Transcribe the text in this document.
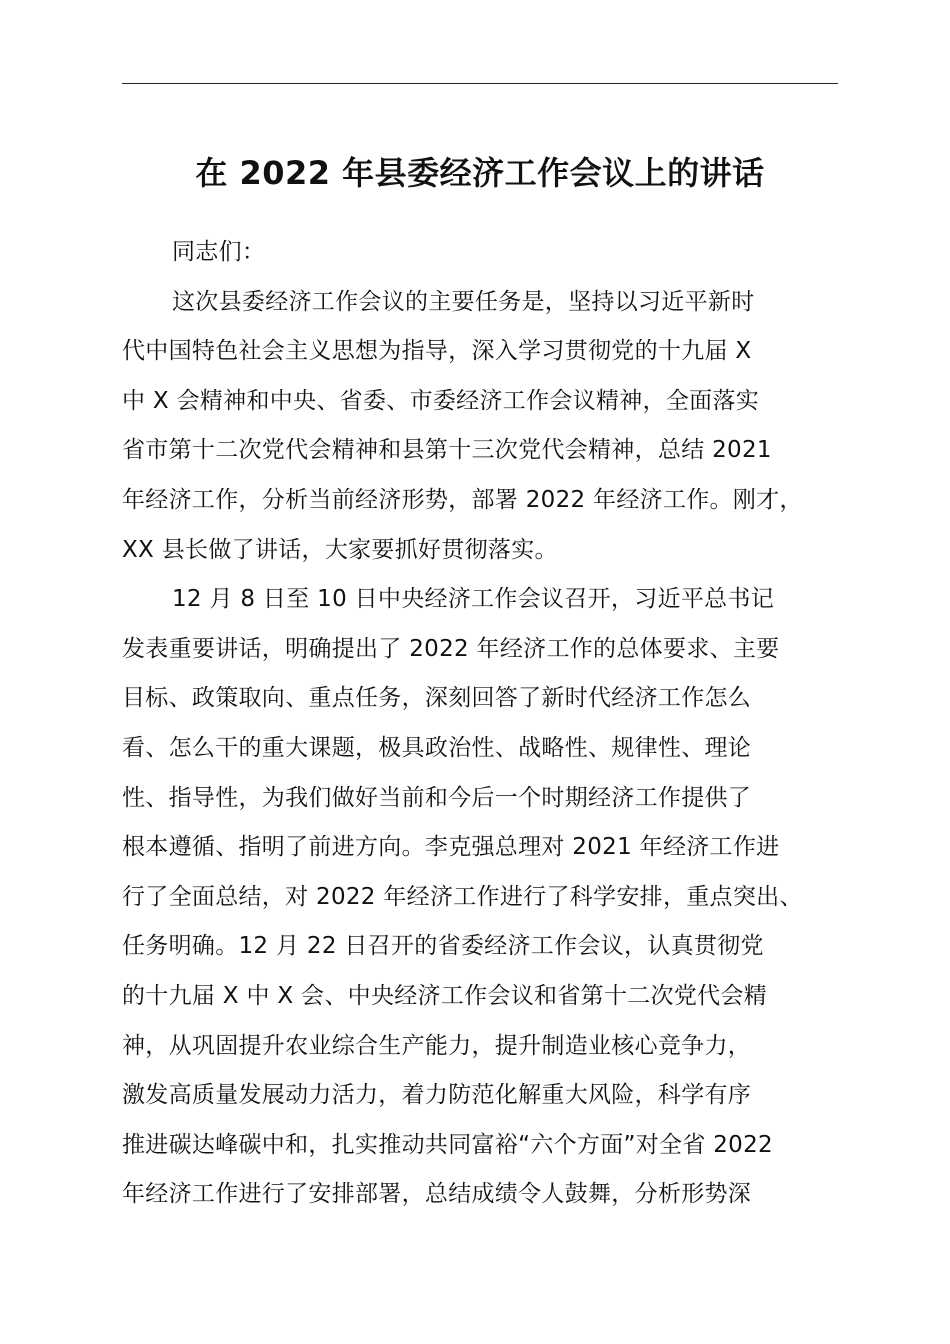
在 2022 年县委经济工作会议上的讲话
同志们：
这次县委经济工作会议的主要任务是，坚持以习近平新时
代中国特色社会主义思想为指导，深入学习贯彻党的十九届 X
中 X 会精神和中央、省委、市委经济工作会议精神，全面落实
省市第十二次党代会精神和县第十三次党代会精神，总结 2021
年经济工作，分析当前经济形势，部署 2022 年经济工作。刚才，
XX 县长做了讲话，大家要抓好贯彻落实。
12 月 8 日至 10 日中央经济工作会议召开，习近平总书记
发表重要讲话，明确提出了 2022 年经济工作的总体要求、主要
目标、政策取向、重点任务，深刻回答了新时代经济工作怎么
看、怎么干的重大课题，极具政治性、战略性、规律性、理论
性、指导性，为我们做好当前和今后一个时期经济工作提供了
根本遵循、指明了前进方向。李克强总理对 2021 年经济工作进
行了全面总结，对 2022 年经济工作进行了科学安排，重点突出、
任务明确。12 月 22 日召开的省委经济工作会议，认真贯彻党
的十九届 X 中 X 会、中央经济工作会议和省第十二次党代会精
神，从巩固提升农业综合生产能力，提升制造业核心竞争力，
激发高质量发展动力活力，着力防范化解重大风险，科学有序
推进碳达峰碳中和，扎实推动共同富裕“六个方面”对全省 2022
年经济工作进行了安排部署，总结成绩令人鼓舞，分析形势深
